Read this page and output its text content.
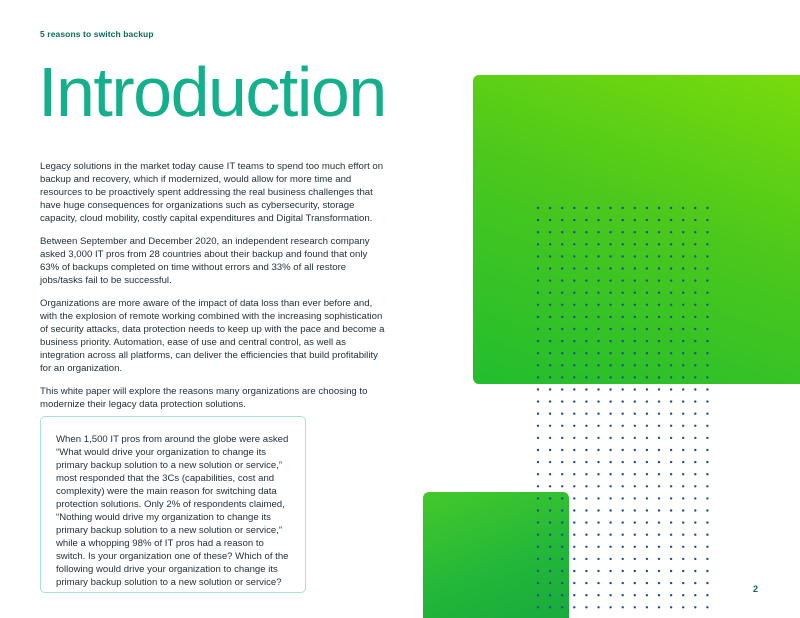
5 reasons to switch backup
Introduction

Legacy solutions in the market today cause IT teams to spend too much effort on backup and recovery, which if modernized, would allow for more time and resources to be proactively spent addressing the real business challenges that have huge consequences for organizations such as cybersecurity, storage capacity, cloud mobility, costly capital expenditures and Digital Transformation.

Between September and December 2020, an independent research company asked 3,000 IT pros from 28 countries about their backup and found that only 63% of backups completed on time without errors and 33% of all restore jobs/tasks fail to be successful.

Organizations are more aware of the impact of data loss than ever before and, with the explosion of remote working combined with the increasing sophistication of security attacks, data protection needs to keep up with the pace and become a business priority. Automation, ease of use and central control, as well as integration across all platforms, can deliver the efficiencies that build profitability for an organization.

This white paper will explore the reasons many organizations are choosing to modernize their legacy data protection solutions.

When 1,500 IT pros from around the globe were asked “What would drive your organization to change its primary backup solution to a new solution or service,” most responded that the 3Cs (capabilities, cost and complexity) were the main reason for switching data protection solutions. Only 2% of respondents claimed, “Nothing would drive my organization to change its primary backup solution to a new solution or service,” while a whopping 98% of IT pros had a reason to switch. Is your organization one of these? Which of the following would drive your organization to change its primary backup solution to a new solution or service?

2
